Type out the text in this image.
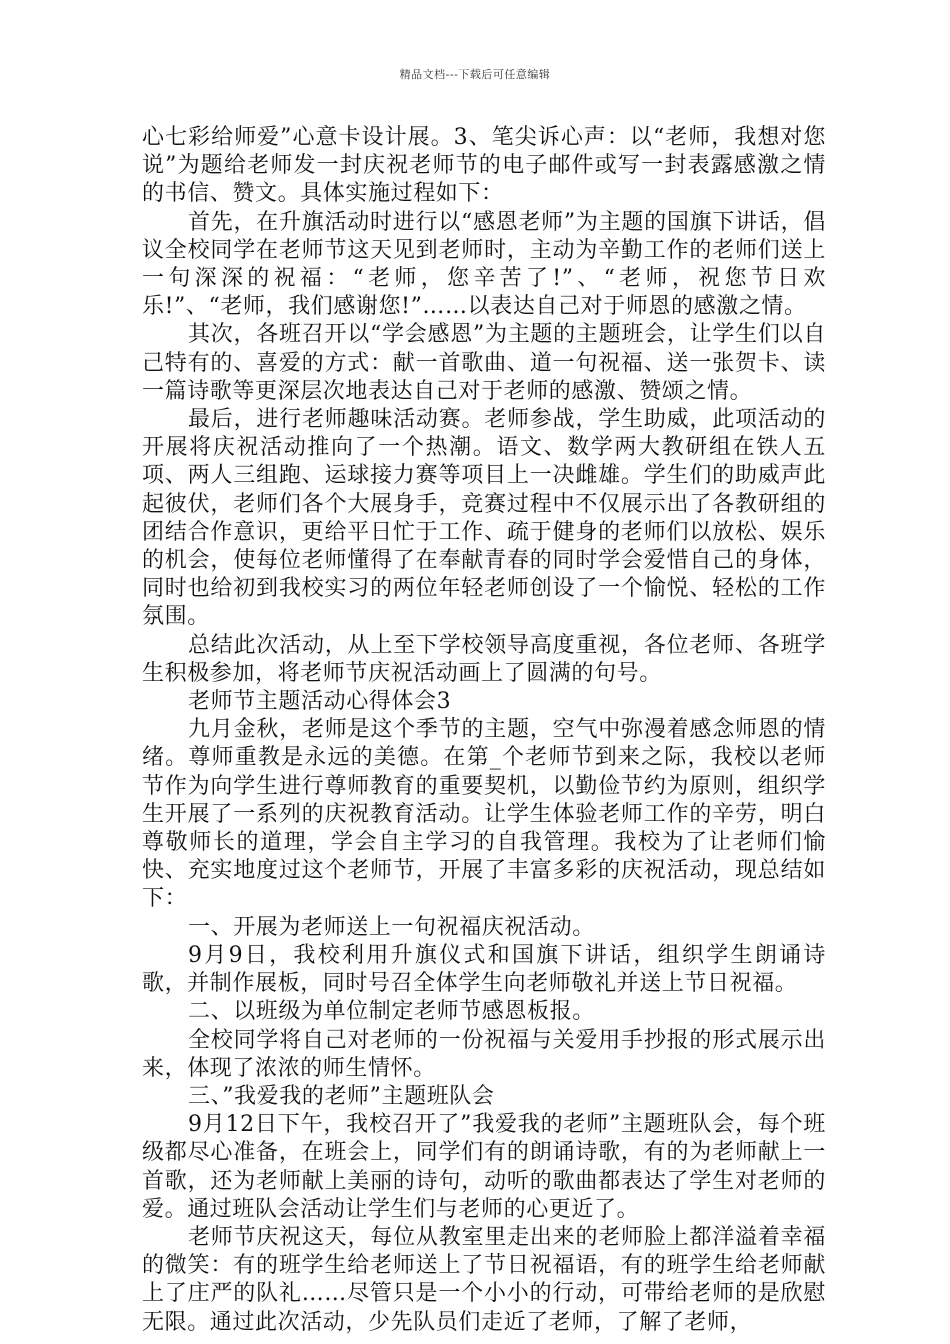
精品文档---下载后可任意编辑

心七彩给师爱”心意卡设计展。3、笔尖诉心声：以“老师，我想对您说”为题给老师发一封庆祝老师节的电子邮件或写一封表露感激之情的书信、赞文。具体实施过程如下：

首先，在升旗活动时进行以“感恩老师”为主题的国旗下讲话，倡议全校同学在老师节这天见到老师时，主动为辛勤工作的老师们送上一句深深的祝福：“老师，您辛苦了!”、“老师，祝您节日欢乐!”、“老师，我们感谢您!”……以表达自己对于师恩的感激之情。

其次，各班召开以“学会感恩”为主题的主题班会，让学生们以自己特有的、喜爱的方式：献一首歌曲、道一句祝福、送一张贺卡、读一篇诗歌等更深层次地表达自己对于老师的感激、赞颂之情。

最后，进行老师趣味活动赛。老师参战，学生助威，此项活动的开展将庆祝活动推向了一个热潮。语文、数学两大教研组在铁人五项、两人三组跑、运球接力赛等项目上一决雌雄。学生们的助威声此起彼伏，老师们各个大展身手，竞赛过程中不仅展示出了各教研组的团结合作意识，更给平日忙于工作、疏于健身的老师们以放松、娱乐的机会，使每位老师懂得了在奉献青春的同时学会爱惜自己的身体，同时也给初到我校实习的两位年轻老师创设了一个愉悦、轻松的工作氛围。

总结此次活动，从上至下学校领导高度重视，各位老师、各班学生积极参加，将老师节庆祝活动画上了圆满的句号。

老师节主题活动心得体会3

九月金秋，老师是这个季节的主题，空气中弥漫着感念师恩的情绪。尊师重教是永远的美德。在第_个老师节到来之际，我校以老师节作为向学生进行尊师教育的重要契机，以勤俭节约为原则，组织学生开展了一系列的庆祝教育活动。让学生体验老师工作的辛劳，明白尊敬师长的道理，学会自主学习的自我管理。我校为了让老师们愉快、充实地度过这个老师节，开展了丰富多彩的庆祝活动，现总结如下：

一、开展为老师送上一句祝福庆祝活动。

9月9日，我校利用升旗仪式和国旗下讲话，组织学生朗诵诗歌，并制作展板，同时号召全体学生向老师敬礼并送上节日祝福。

二、以班级为单位制定老师节感恩板报。

全校同学将自己对老师的一份祝福与关爱用手抄报的形式展示出来，体现了浓浓的师生情怀。

三、”我爱我的老师”主题班队会

9月12日下午，我校召开了”我爱我的老师”主题班队会，每个班级都尽心准备，在班会上，同学们有的朗诵诗歌，有的为老师献上一首歌，还为老师献上美丽的诗句，动听的歌曲都表达了学生对老师的爱。通过班队会活动让学生们与老师的心更近了。

老师节庆祝这天，每位从教室里走出来的老师脸上都洋溢着幸福的微笑：有的班学生给老师送上了节日祝福语，有的班学生给老师献上了庄严的队礼……尽管只是一个小小的行动，可带给老师的是欣慰无限。通过此次活动，少先队员们走近了老师，了解了老师，
